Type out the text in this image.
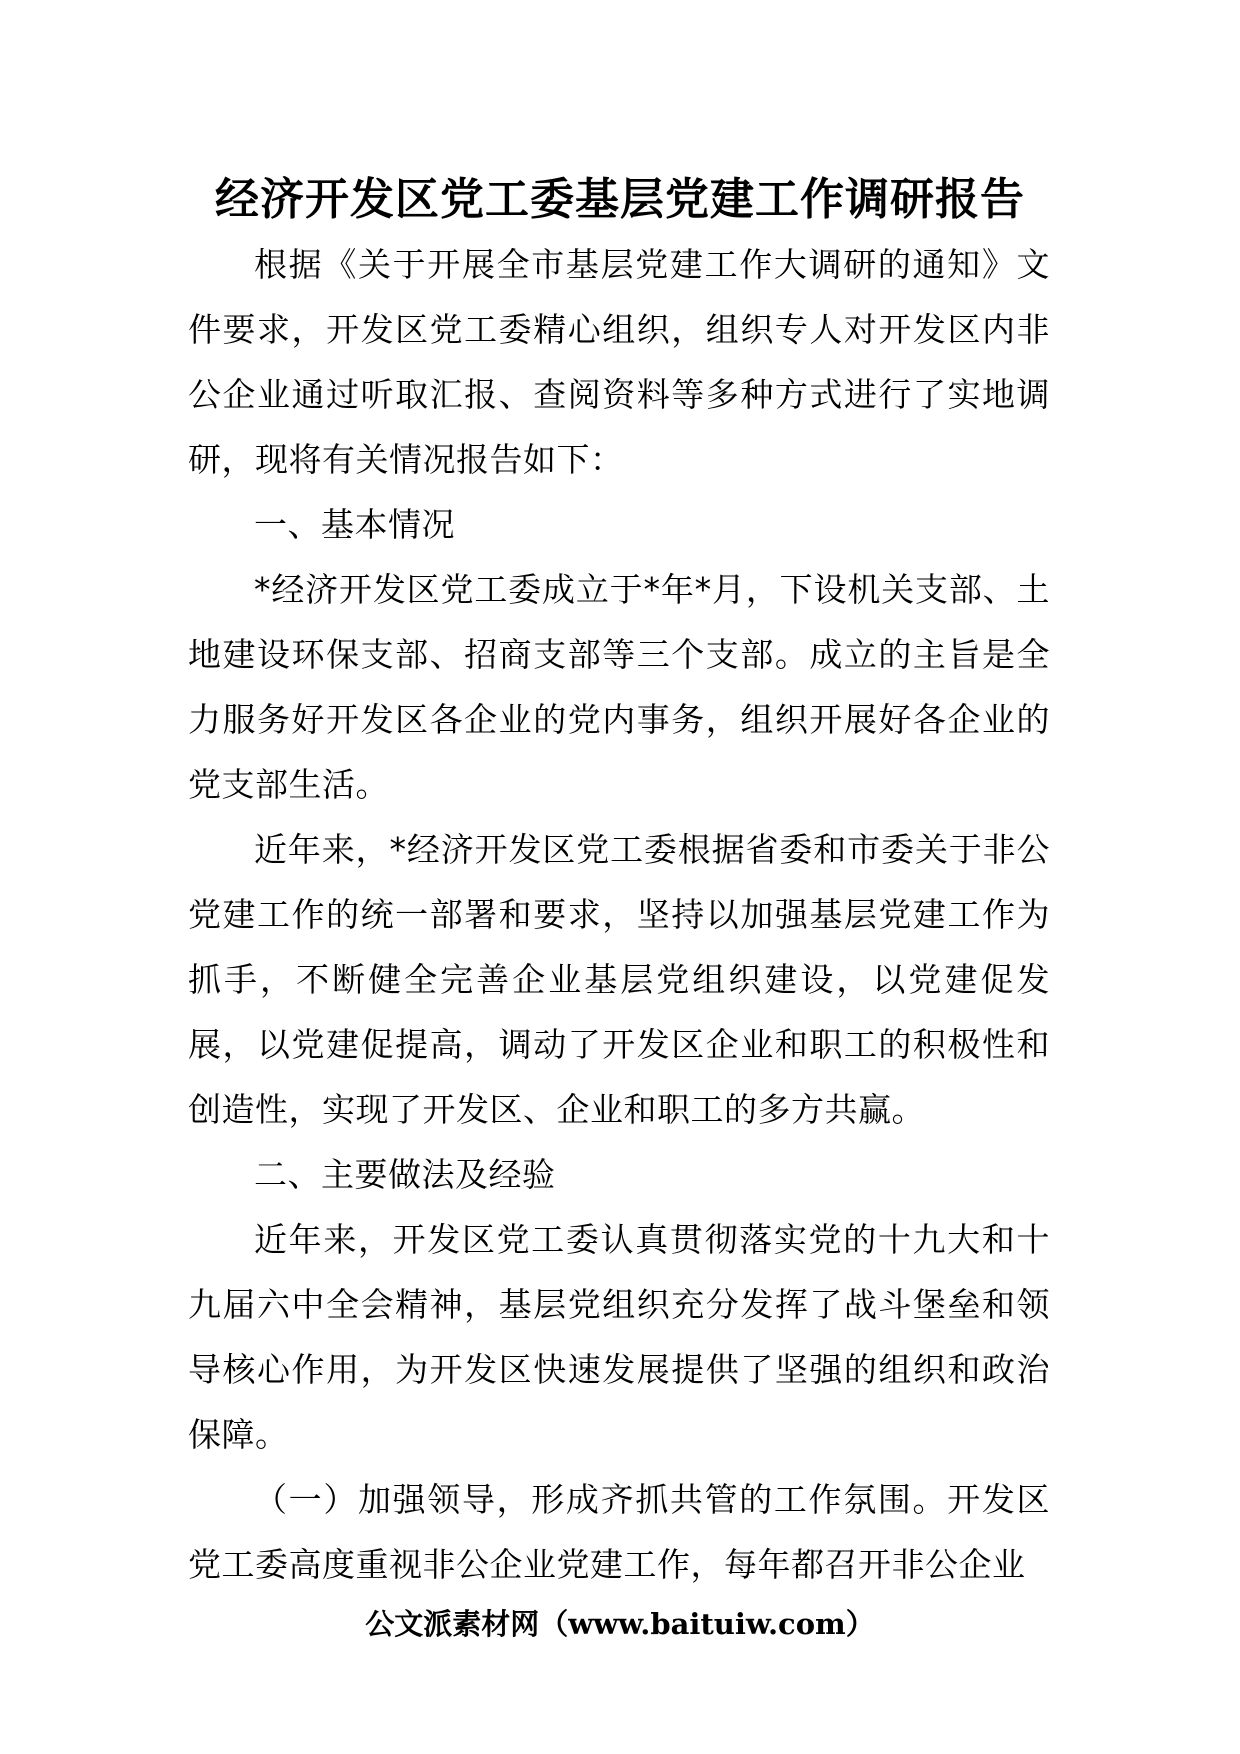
经济开发区党工委基层党建工作调研报告

根据《关于开展全市基层党建工作大调研的通知》文件要求，开发区党工委精心组织，组织专人对开发区内非公企业通过听取汇报、查阅资料等多种方式进行了实地调研，现将有关情况报告如下：

一、基本情况

*经济开发区党工委成立于*年*月，下设机关支部、土地建设环保支部、招商支部等三个支部。成立的主旨是全力服务好开发区各企业的党内事务，组织开展好各企业的党支部生活。

近年来，*经济开发区党工委根据省委和市委关于非公党建工作的统一部署和要求，坚持以加强基层党建工作为抓手，不断健全完善企业基层党组织建设，以党建促发展，以党建促提高，调动了开发区企业和职工的积极性和创造性，实现了开发区、企业和职工的多方共赢。

二、主要做法及经验

近年来，开发区党工委认真贯彻落实党的十九大和十九届六中全会精神，基层党组织充分发挥了战斗堡垒和领导核心作用，为开发区快速发展提供了坚强的组织和政治保障。

（一）加强领导，形成齐抓共管的工作氛围。开发区党工委高度重视非公企业党建工作，每年都召开非公企业

公文派素材网（www.baituiw.com）
